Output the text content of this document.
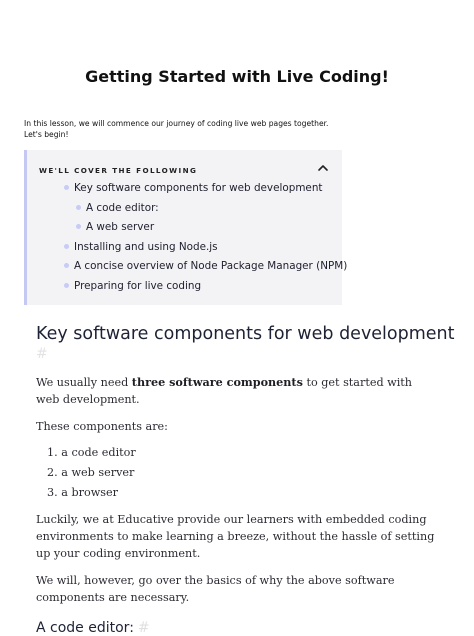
Getting Started with Live Coding!
In this lesson, we will commence our journey of coding live web pages together.
Let's begin!
WE'LL COVER THE FOLLOWING
Key software components for web development
A code editor:
A web server
Installing and using Node.js
A concise overview of Node Package Manager (NPM)
Preparing for live coding
Key software components for web development
#
We usually need three software components to get started with web development.
These components are:
1. a code editor
2. a web server
3. a browser
Luckily, we at Educative provide our learners with embedded coding environments to make learning a breeze, without the hassle of setting up your coding environment.
We will, however, go over the basics of why the above software components are necessary.
A code editor: #
